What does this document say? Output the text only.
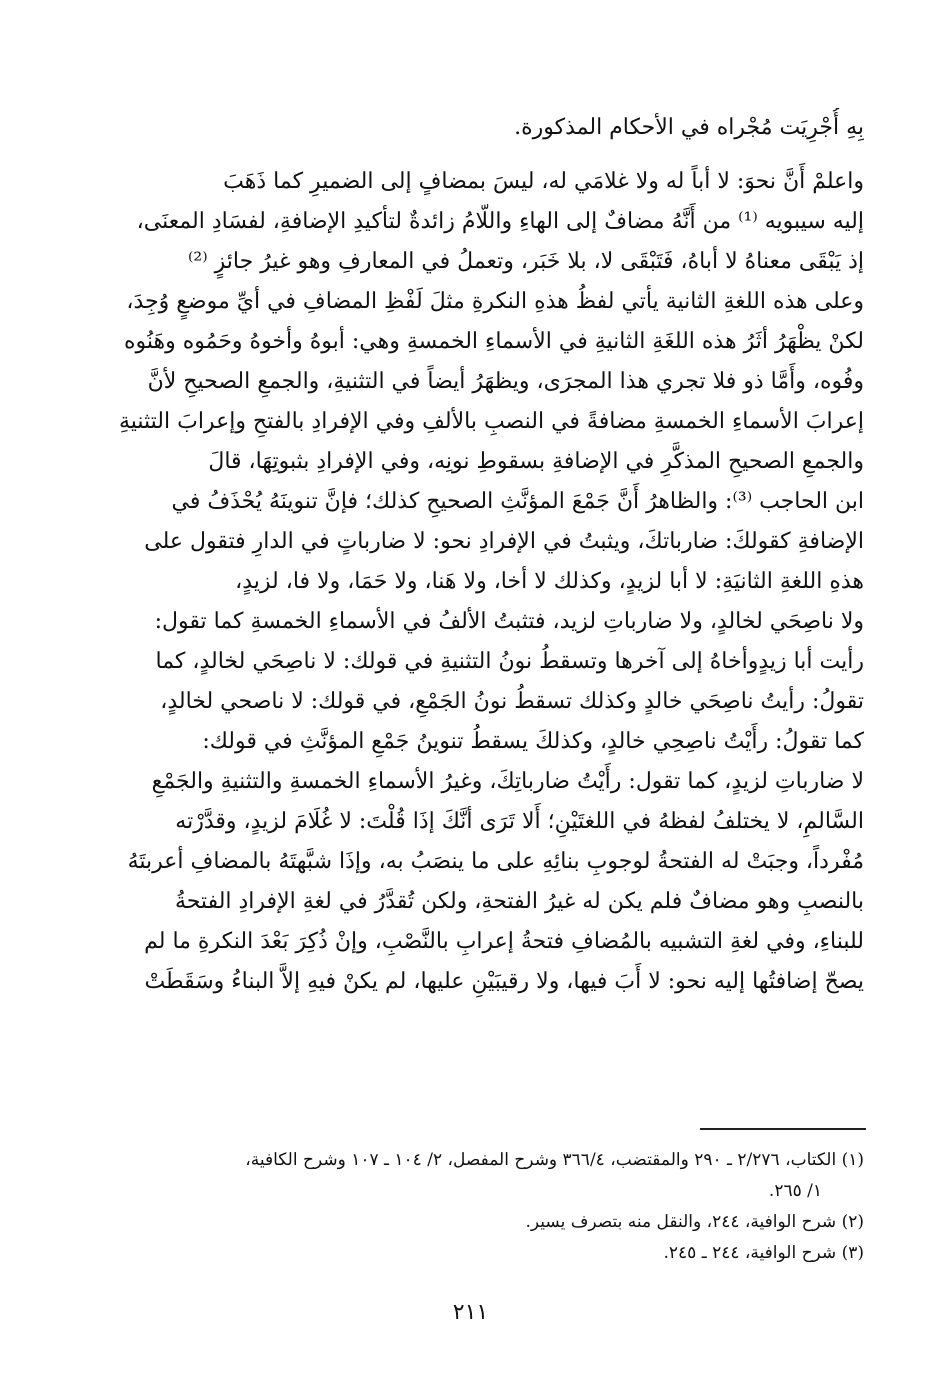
بِهِ أُجْرِيَت مُجْراه في الأحكام المذكورة.
واعلمْ أَنَّ نحوَ: لا أباً له ولا غلامَي له، ليسَ بمضافٍ إلى الضميرِ كما ذَهَبَ
إليه سيبويه ⁽¹⁾ من أَنَّهُ مضافٌ إلى الهاءِ واللّامُ زائدةٌ لتأكيدِ الإضافةِ، لفسَادِ المعنَى،
إذ يَبْقَى معناهُ لا أباهُ، فَتَبْقَى لا، بلا خَبَر، وتعملُ في المعارفِ وهو غيرُ جائزٍ ⁽²⁾
وعلى هذه اللغةِ الثانية يأتي لفظُ هذهِ النكرةِ مثلَ لَفْظِ المضافِ في أيِّ موضعٍ وُجِدَ،
لكنْ يظْهَرُ أثَرُ هذه اللغَةِ الثانيةِ في الأسماءِ الخمسةِ وهي: أبوهُ وأخوهُ وحَمُوه وهَنُوه
وفُوه، وأَمَّا ذو فلا تجري هذا المجرَى، ويظهَرُ أيضاً في التثنيةِ، والجمعِ الصحيحِ لأنَّ
إعرابَ الأسماءِ الخمسةِ مضافةً في النصبِ بالألفِ وفي الإفرادِ بالفتحِ وإعرابَ التثنيةِ
والجمعِ الصحيحِ المذكَّرِ في الإضافةِ بسقوطِ نونِه، وفي الإفرادِ بثبوتِهَا، قالَ
ابن الحاجب ⁽³⁾: والظاهرُ أَنَّ جَمْعَ المؤنَّثِ الصحيحِ كذلك؛ فإنَّ تنوينَهُ يُحْذَفُ في
الإضافةِ كقولكَ: ضارباتكَ، ويثبتُ في الإفرادِ نحو: لا ضارباتٍ في الدارِ فتقول على
هذهِ اللغةِ الثانيَةِ: لا أبا لزيدٍ، وكذلك لا أخا، ولا هَنا، ولا حَمَا، ولا فا، لزيدٍ،
ولا ناصِحَي لخالدٍ، ولا ضارباتِ لزيد، فتثبتُ الألفُ في الأسماءِ الخمسةِ كما تقول:
رأيت أبا زيدٍوأخاهُ إلى آخرها وتسقطُ نونُ التثنيةِ في قولك: لا ناصِحَي لخالدٍ، كما
تقولُ: رأيتُ ناصِحَي خالدٍ وكذلك تسقطُ نونُ الجَمْعِ، في قولك: لا ناصحي لخالدٍ،
كما تقولُ: رأَيْتُ ناصِحِي خالدٍ، وكذلكَ يسقطُ تنوينُ جَمْعِ المؤنَّثِ في قولك:
لا ضارباتِ لزيدٍ، كما تقول: رأَيْتُ ضارباتِكَ، وغيرُ الأسماءِ الخمسةِ والتثنيةِ والجَمْعِ
السَّالمِ، لا يختلفُ لفظهُ في اللغتَيْنِ؛ أَلا تَرَى أنَّكَ إذَا قُلْتَ: لا غُلَامَ لزيدٍ، وقدَّرْته
مُفْرداً، وجبَتْ له الفتحةُ لوجوبِ بنائِهِ على ما ينصَبُ به، وإذَا شبَّهتَهُ بالمضافِ أعربتَهُ
بالنصبِ وهو مضافٌ فلم يكن له غيرُ الفتحةِ، ولكن تُقدَّرُ في لغةِ الإفرادِ الفتحةُ
للبناءِ، وفي لغةِ التشبيه بالمُضافِ فتحةُ إعرابِ بالنَّصْبِ، وإنْ ذُكِرَ بَعْدَ النكرةِ ما لم
يصحّ إضافتُها إليه نحو: لا أَبَ فيها، ولا رقيبَيْنِ عليها، لم يكنْ فيهِ إلاَّ البناءُ وسَقَطَتْ
(١) الكتاب، ٢/٢٧٦ ـ ٢٩٠ والمقتضب، ٣٦٦/٤ وشرح المفصل، ٢/ ١٠٤ ـ ١٠٧ وشرح الكافية،
١/ ٢٦٥.
(٢) شرح الوافية، ٢٤٤، والنقل منه بتصرف يسير.
(٣) شرح الوافية، ٢٤٤ ـ ٢٤٥.
٢١١
